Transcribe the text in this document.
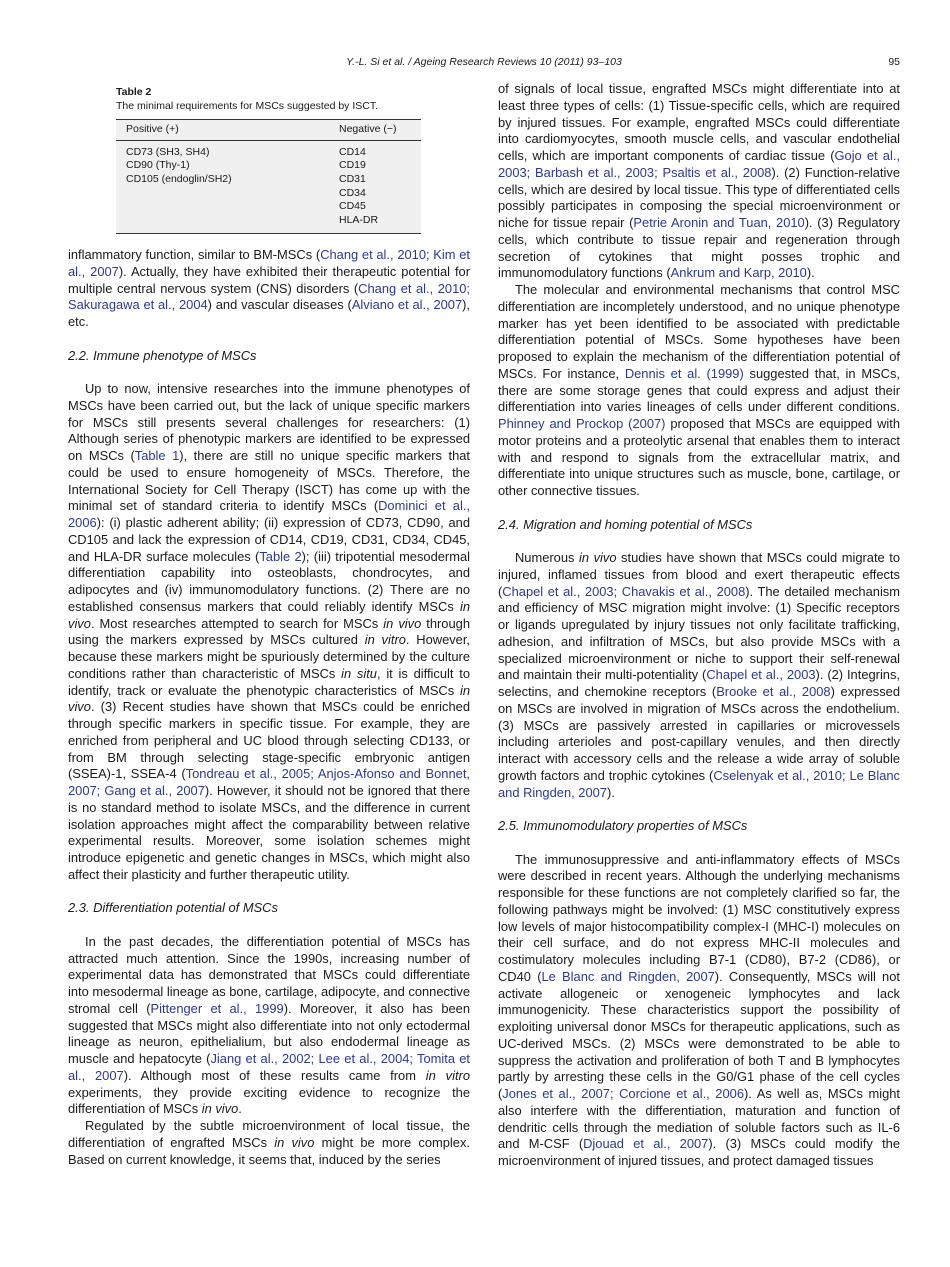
Y.-L. Si et al. / Ageing Research Reviews 10 (2011) 93–103	95
Table 2
The minimal requirements for MSCs suggested by ISCT.
Positive (+)	Negative (−)
CD73 (SH3, SH4)
CD90 (Thy-1)
CD105 (endoglin/SH2)
CD14
CD19
CD31
CD34
CD45
HLA-DR

inflammatory function, similar to BM-MSCs (Chang et al., 2010; Kim et al., 2007). Actually, they have exhibited their therapeutic potential for multiple central nervous system (CNS) disorders (Chang et al., 2010; Sakuragawa et al., 2004) and vascular diseases (Alviano et al., 2007), etc.

2.2. Immune phenotype of MSCs

Up to now, intensive researches into the immune phenotypes of MSCs have been carried out, but the lack of unique specific markers for MSCs still presents several challenges for researchers: (1) Although series of phenotypic markers are identified to be expressed on MSCs (Table 1), there are still no unique specific markers that could be used to ensure homogeneity of MSCs. Therefore, the International Society for Cell Therapy (ISCT) has come up with the minimal set of standard criteria to identify MSCs (Dominici et al., 2006): (i) plastic adherent ability; (ii) expression of CD73, CD90, and CD105 and lack the expression of CD14, CD19, CD31, CD34, CD45, and HLA-DR surface molecules (Table 2); (iii) tripotential mesodermal differentiation capability into osteoblasts, chondrocytes, and adipocytes and (iv) immunomodulatory functions. (2) There are no established consensus markers that could reliably identify MSCs in vivo. Most researches attempted to search for MSCs in vivo through using the markers expressed by MSCs cultured in vitro. However, because these markers might be spuriously determined by the culture conditions rather than characteristic of MSCs in situ, it is difficult to identify, track or evaluate the phenotypic characteristics of MSCs in vivo. (3) Recent studies have shown that MSCs could be enriched through specific markers in specific tissue. For example, they are enriched from peripheral and UC blood through selecting CD133, or from BM through selecting stage-specific embryonic antigen (SSEA)-1, SSEA-4 (Tondreau et al., 2005; Anjos-Afonso and Bonnet, 2007; Gang et al., 2007). However, it should not be ignored that there is no standard method to isolate MSCs, and the difference in current isolation approaches might affect the comparability between relative experimental results. Moreover, some isolation schemes might introduce epigenetic and genetic changes in MSCs, which might also affect their plasticity and further therapeutic utility.

2.3. Differentiation potential of MSCs

In the past decades, the differentiation potential of MSCs has attracted much attention. Since the 1990s, increasing number of experimental data has demonstrated that MSCs could differentiate into mesodermal lineage as bone, cartilage, adipocyte, and connective stromal cell (Pittenger et al., 1999). Moreover, it also has been suggested that MSCs might also differentiate into not only ectodermal lineage as neuron, epithelialium, but also endodermal lineage as muscle and hepatocyte (Jiang et al., 2002; Lee et al., 2004; Tomita et al., 2007). Although most of these results came from in vitro experiments, they provide exciting evidence to recognize the differentiation of MSCs in vivo.

Regulated by the subtle microenvironment of local tissue, the differentiation of engrafted MSCs in vivo might be more complex. Based on current knowledge, it seems that, induced by the series

of signals of local tissue, engrafted MSCs might differentiate into at least three types of cells: (1) Tissue-specific cells, which are required by injured tissues. For example, engrafted MSCs could differentiate into cardiomyocytes, smooth muscle cells, and vascular endothelial cells, which are important components of cardiac tissue (Gojo et al., 2003; Barbash et al., 2003; Psaltis et al., 2008). (2) Function-relative cells, which are desired by local tissue. This type of differentiated cells possibly participates in composing the special microenvironment or niche for tissue repair (Petrie Aronin and Tuan, 2010). (3) Regulatory cells, which contribute to tissue repair and regeneration through secretion of cytokines that might posses trophic and immunomodulatory functions (Ankrum and Karp, 2010).

The molecular and environmental mechanisms that control MSC differentiation are incompletely understood, and no unique phenotype marker has yet been identified to be associated with predictable differentiation potential of MSCs. Some hypotheses have been proposed to explain the mechanism of the differentiation potential of MSCs. For instance, Dennis et al. (1999) suggested that, in MSCs, there are some storage genes that could express and adjust their differentiation into varies lineages of cells under different conditions. Phinney and Prockop (2007) proposed that MSCs are equipped with motor proteins and a proteolytic arsenal that enables them to interact with and respond to signals from the extracellular matrix, and differentiate into unique structures such as muscle, bone, cartilage, or other connective tissues.

2.4. Migration and homing potential of MSCs

Numerous in vivo studies have shown that MSCs could migrate to injured, inflamed tissues from blood and exert therapeutic effects (Chapel et al., 2003; Chavakis et al., 2008). The detailed mechanism and efficiency of MSC migration might involve: (1) Specific receptors or ligands upregulated by injury tissues not only facilitate trafficking, adhesion, and infiltration of MSCs, but also provide MSCs with a specialized microenvironment or niche to support their self-renewal and maintain their multi-potentiality (Chapel et al., 2003). (2) Integrins, selectins, and chemokine receptors (Brooke et al., 2008) expressed on MSCs are involved in migration of MSCs across the endothelium. (3) MSCs are passively arrested in capillaries or microvessels including arterioles and post-capillary venules, and then directly interact with accessory cells and the release a wide array of soluble growth factors and trophic cytokines (Cselenyak et al., 2010; Le Blanc and Ringden, 2007).

2.5. Immunomodulatory properties of MSCs

The immunosuppressive and anti-inflammatory effects of MSCs were described in recent years. Although the underlying mechanisms responsible for these functions are not completely clarified so far, the following pathways might be involved: (1) MSC constitutively express low levels of major histocompatibility complex-I (MHC-I) molecules on their cell surface, and do not express MHC-II molecules and costimulatory molecules including B7-1 (CD80), B7-2 (CD86), or CD40 (Le Blanc and Ringden, 2007). Consequently, MSCs will not activate allogeneic or xenogeneic lymphocytes and lack immunogenicity. These characteristics support the possibility of exploiting universal donor MSCs for therapeutic applications, such as UC-derived MSCs. (2) MSCs were demonstrated to be able to suppress the activation and proliferation of both T and B lymphocytes partly by arresting these cells in the G0/G1 phase of the cell cycles (Jones et al., 2007; Corcione et al., 2006). As well as, MSCs might also interfere with the differentiation, maturation and function of dendritic cells through the mediation of soluble factors such as IL-6 and M-CSF (Djouad et al., 2007). (3) MSCs could modify the microenvironment of injured tissues, and protect damaged tissues
